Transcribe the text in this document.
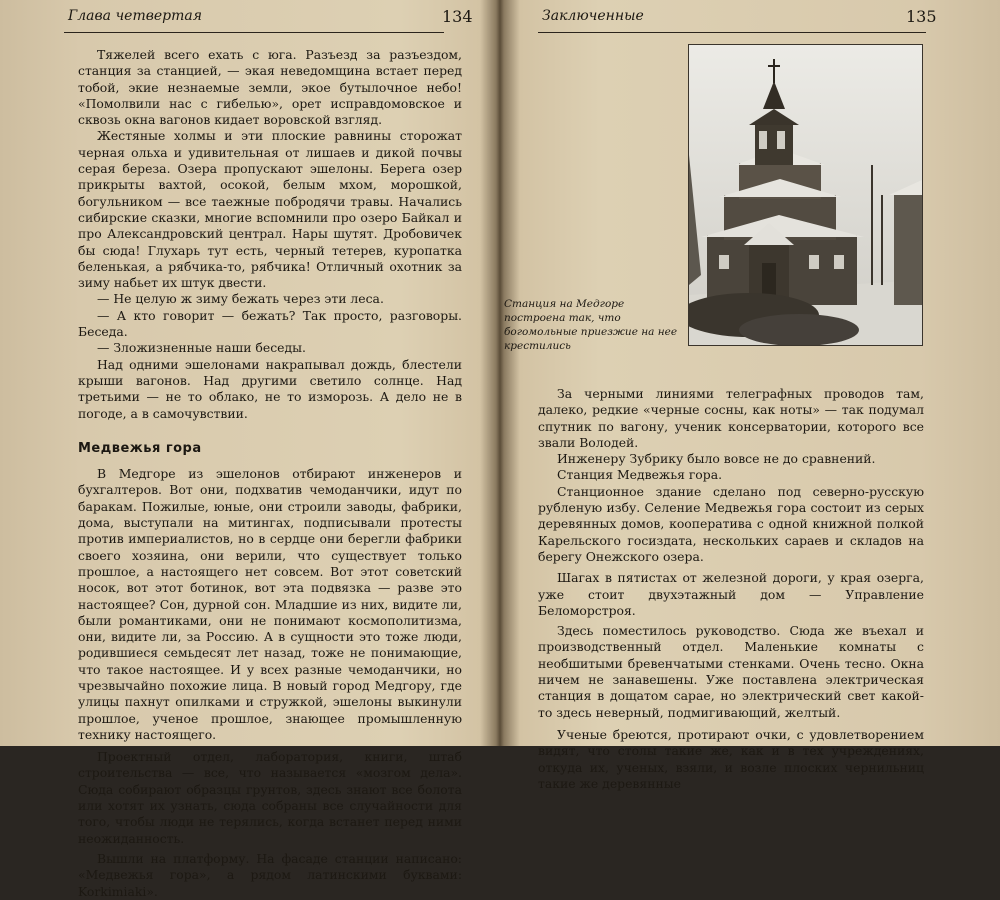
Глава четвертая	134

Тяжелей всего ехать с юга. Разъезд за разъездом, станция за станцией, — экая неведомщина встает перед тобой, экие незнаемые земли, экое бутылочное небо! «Помолвили нас с гибелью», орет исправдомовское и сквозь окна вагонов кидает воровской взгляд.

Жестяные холмы и эти плоские равнины сторожат черная ольха и удивительная от лишаев и дикой почвы серая береза. Озера пропускают эшелоны. Берега озер прикрыты вахтой, осокой, белым мхом, морошкой, богульником — все таежные побродячи травы. Начались сибирские сказки, многие вспомнили про озеро Байкал и про Александровский централ. Нары шутят. Дробовичек бы сюда! Глухарь тут есть, черный тетерев, куропатка беленькая, а рябчика-то, рябчика! Отличный охотник за зиму набьет их штук двести.

— Не целую ж зиму бежать через эти леса.

— А кто говорит — бежать? Так просто, разговоры. Беседа.

— Зложизненные наши беседы.

Над одними эшелонами накрапывал дождь, блестели крыши вагонов. Над другими светило солнце. Над третьими — не то облако, не то изморозь. А дело не в погоде, а в самочувствии.

Медвежья гора

В Медгоре из эшелонов отбирают инженеров и бухгалтеров. Вот они, подхватив чемоданчики, идут по баракам. Пожилые, юные, они строили заводы, фабрики, дома, выступали на митингах, подписывали протесты против империалистов, но в сердце они берегли фабрики своего хозяина, они верили, что существует только прошлое, а настоящего нет совсем. Вот этот советский носок, вот этот ботинок, вот эта подвязка — разве это настоящее? Сон, дурной сон. Младшие из них, видите ли, были романтиками, они не понимают космополитизма, они, видите ли, за Россию. А в сущности это тоже люди, родившиеся семьдесят лет назад, тоже не понимающие, что такое настоящее. И у всех разные чемоданчики, но чрезвычайно похожие лица. В новый город Медгору, где улицы пахнут опилками и стружкой, эшелоны выкинули прошлое, ученое прошлое, знающее промышленную технику настоящего.

Проектный отдел, лаборатория, книги, штаб строительства — все, что называется «мозгом дела». Сюда собирают образцы грунтов, здесь знают все болота или хотят их узнать, сюда собраны все случайности для того, чтобы люди не терялись, когда встанет перед ними неожиданность.

Вышли на платформу. На фасаде станции написано: «Медвежья гора», а рядом латинскими буквами: Korkimiaki».

Заключенные	135
Станция на Медгоре построена так, что богомольные приезжие на нее крестились

За черными линиями телеграфных проводов там, далеко, редкие «черные сосны, как ноты» — так подумал спутник по вагону, ученик консерватории, которого все звали Володей.

Инженеру Зубрику было вовсе не до сравнений.

Станция Медвежья гора.

Станционное здание сделано под северно-русскую рубленую избу. Селение Медвежья гора состоит из серых деревянных домов, кооператива с одной книжной полкой Карельского госиздата, нескольких сараев и складов на берегу Онежского озера.

Шагах в пятистах от железной дороги, у края озерга, уже стоит двухэтажный дом — Управление Беломорстроя.

Здесь поместилось руководство. Сюда же въехал и производственный отдел. Маленькие комнаты с необшитыми бревенчатыми стенками. Очень тесно. Окна ничем не занавешены. Уже поставлена электрическая станция в дощатом сарае, но электрический свет какой-то здесь неверный, подмигивающий, желтый.

Ученые бреются, протирают очки, с удовлетворением видят, что столы такие же, как и в тех учреждениях, откуда их, ученых, взяли, и возле плоских чернильниц такие же деревянные
